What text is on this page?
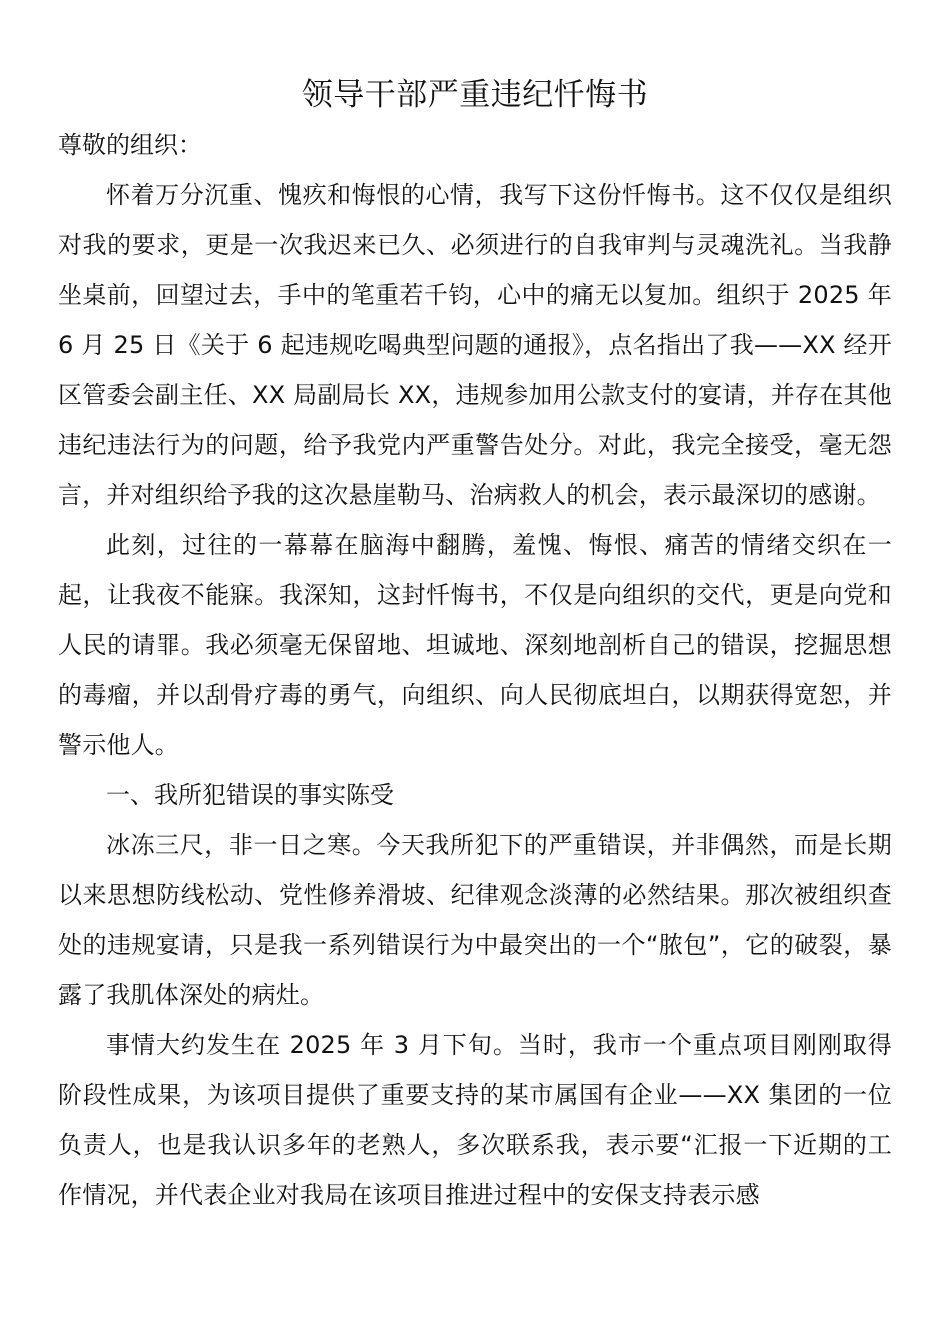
领导干部严重违纪忏悔书

尊敬的组织：

怀着万分沉重、愧疚和悔恨的心情，我写下这份忏悔书。这不仅仅是组织对我的要求，更是一次我迟来已久、必须进行的自我审判与灵魂洗礼。当我静坐桌前，回望过去，手中的笔重若千钧，心中的痛无以复加。组织于 2025 年 6 月 25 日《关于 6 起违规吃喝典型问题的通报》，点名指出了我——XX 经开区管委会副主任、XX 局副局长 XX，违规参加用公款支付的宴请，并存在其他违纪违法行为的问题，给予我党内严重警告处分。对此，我完全接受，毫无怨言，并对组织给予我的这次悬崖勒马、治病救人的机会，表示最深切的感谢。

此刻，过往的一幕幕在脑海中翻腾，羞愧、悔恨、痛苦的情绪交织在一起，让我夜不能寐。我深知，这封忏悔书，不仅是向组织的交代，更是向党和人民的请罪。我必须毫无保留地、坦诚地、深刻地剖析自己的错误，挖掘思想的毒瘤，并以刮骨疗毒的勇气，向组织、向人民彻底坦白，以期获得宽恕，并警示他人。

一、我所犯错误的事实陈受

冰冻三尺，非一日之寒。今天我所犯下的严重错误，并非偶然，而是长期以来思想防线松动、党性修养滑坡、纪律观念淡薄的必然结果。那次被组织查处的违规宴请，只是我一系列错误行为中最突出的一个“脓包”，它的破裂，暴露了我肌体深处的病灶。

事情大约发生在 2025 年 3 月下旬。当时，我市一个重点项目刚刚取得阶段性成果，为该项目提供了重要支持的某市属国有企业——XX 集团的一位负责人，也是我认识多年的老熟人，多次联系我，表示要“汇报一下近期的工作情况，并代表企业对我局在该项目推进过程中的安保支持表示感
